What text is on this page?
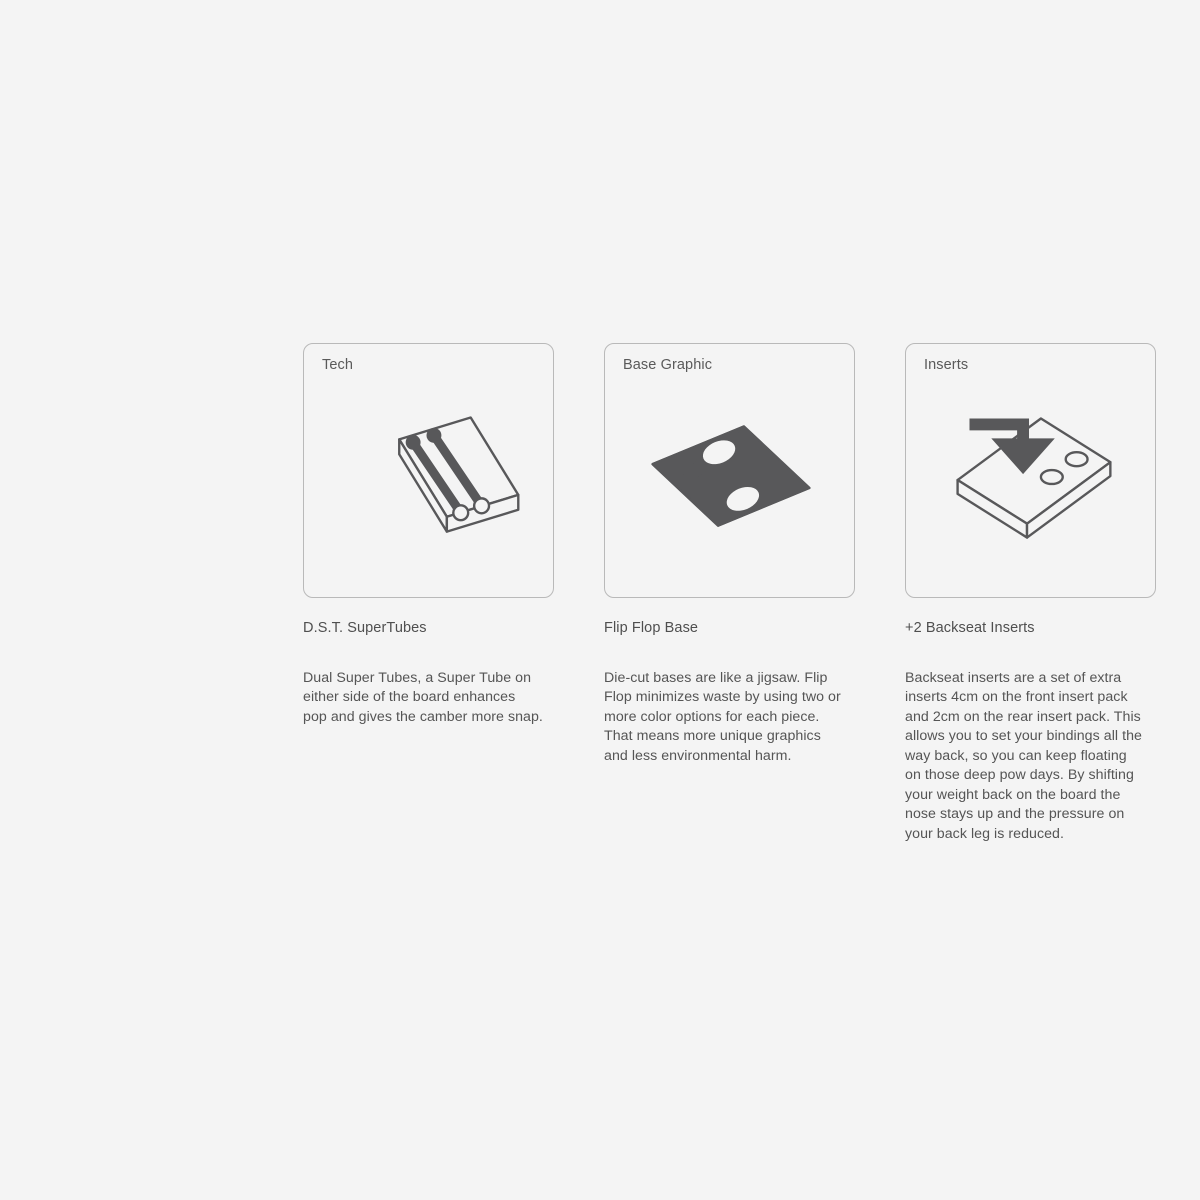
Tech
D.S.T. SuperTubes
Dual Super Tubes, a Super Tube on either side of the board enhances pop and gives the camber more snap.
Base Graphic
Flip Flop Base
Die-cut bases are like a jigsaw. Flip Flop minimizes waste by using two or more color options for each piece. That means more unique graphics and less environmental harm.
Inserts
+2 Backseat Inserts
Backseat inserts are a set of extra inserts 4cm on the front insert pack and 2cm on the rear insert pack. This allows you to set your bindings all the way back, so you can keep floating on those deep pow days. By shifting your weight back on the board the nose stays up and the pressure on your back leg is reduced.
